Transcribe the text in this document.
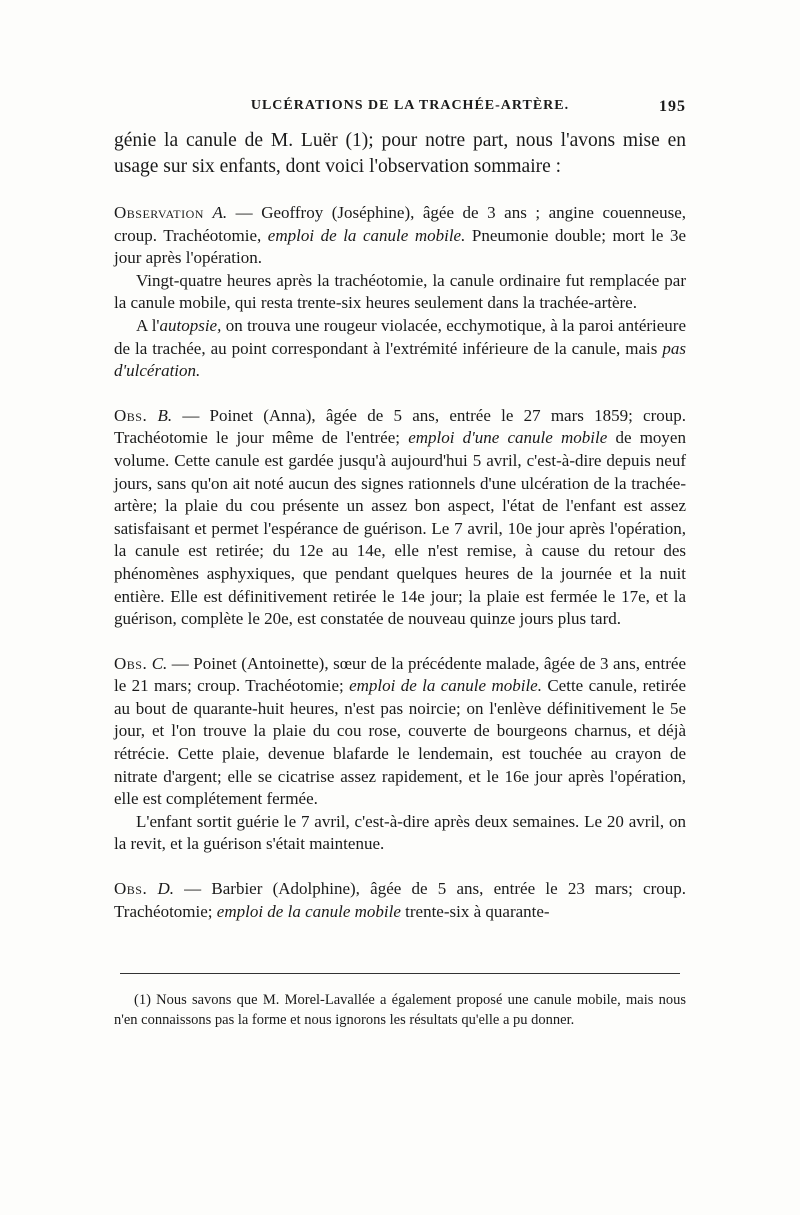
ULCÉRATIONS DE LA TRACHÉE-ARTÈRE.	195
génie la canule de M. Luër (1); pour notre part, nous l'avons mise en usage sur six enfants, dont voici l'observation sommaire :

Observation A. — Geoffroy (Joséphine), âgée de 3 ans ; angine couenneuse, croup. Trachéotomie, emploi de la canule mobile. Pneumonie double; mort le 3e jour après l'opération.

Vingt-quatre heures après la trachéotomie, la canule ordinaire fut remplacée par la canule mobile, qui resta trente-six heures seulement dans la trachée-artère.

A l'autopsie, on trouva une rougeur violacée, ecchymotique, à la paroi antérieure de la trachée, au point correspondant à l'extrémité inférieure de la canule, mais pas d'ulcération.

Obs. B. — Poinet (Anna), âgée de 5 ans, entrée le 27 mars 1859; croup. Trachéotomie le jour même de l'entrée; emploi d'une canule mobile de moyen volume. Cette canule est gardée jusqu'à aujourd'hui 5 avril, c'est-à-dire depuis neuf jours, sans qu'on ait noté aucun des signes rationnels d'une ulcération de la trachée-artère; la plaie du cou présente un assez bon aspect, l'état de l'enfant est assez satisfaisant et permet l'espérance de guérison. Le 7 avril, 10e jour après l'opération, la canule est retirée; du 12e au 14e, elle n'est remise, à cause du retour des phénomènes asphyxiques, que pendant quelques heures de la journée et la nuit entière. Elle est définitivement retirée le 14e jour; la plaie est fermée le 17e, et la guérison, complète le 20e, est constatée de nouveau quinze jours plus tard.

Obs. C. — Poinet (Antoinette), sœur de la précédente malade, âgée de 3 ans, entrée le 21 mars; croup. Trachéotomie; emploi de la canule mobile. Cette canule, retirée au bout de quarante-huit heures, n'est pas noircie; on l'enlève définitivement le 5e jour, et l'on trouve la plaie du cou rose, couverte de bourgeons charnus, et déjà rétrécie. Cette plaie, devenue blafarde le lendemain, est touchée au crayon de nitrate d'argent; elle se cicatrise assez rapidement, et le 16e jour après l'opération, elle est complétement fermée.

L'enfant sortit guérie le 7 avril, c'est-à-dire après deux semaines. Le 20 avril, on la revit, et la guérison s'était maintenue.

Obs. D. — Barbier (Adolphine), âgée de 5 ans, entrée le 23 mars; croup. Trachéotomie; emploi de la canule mobile trente-six à quarante-

(1) Nous savons que M. Morel-Lavallée a également proposé une canule mobile, mais nous n'en connaissons pas la forme et nous ignorons les résultats qu'elle a pu donner.
